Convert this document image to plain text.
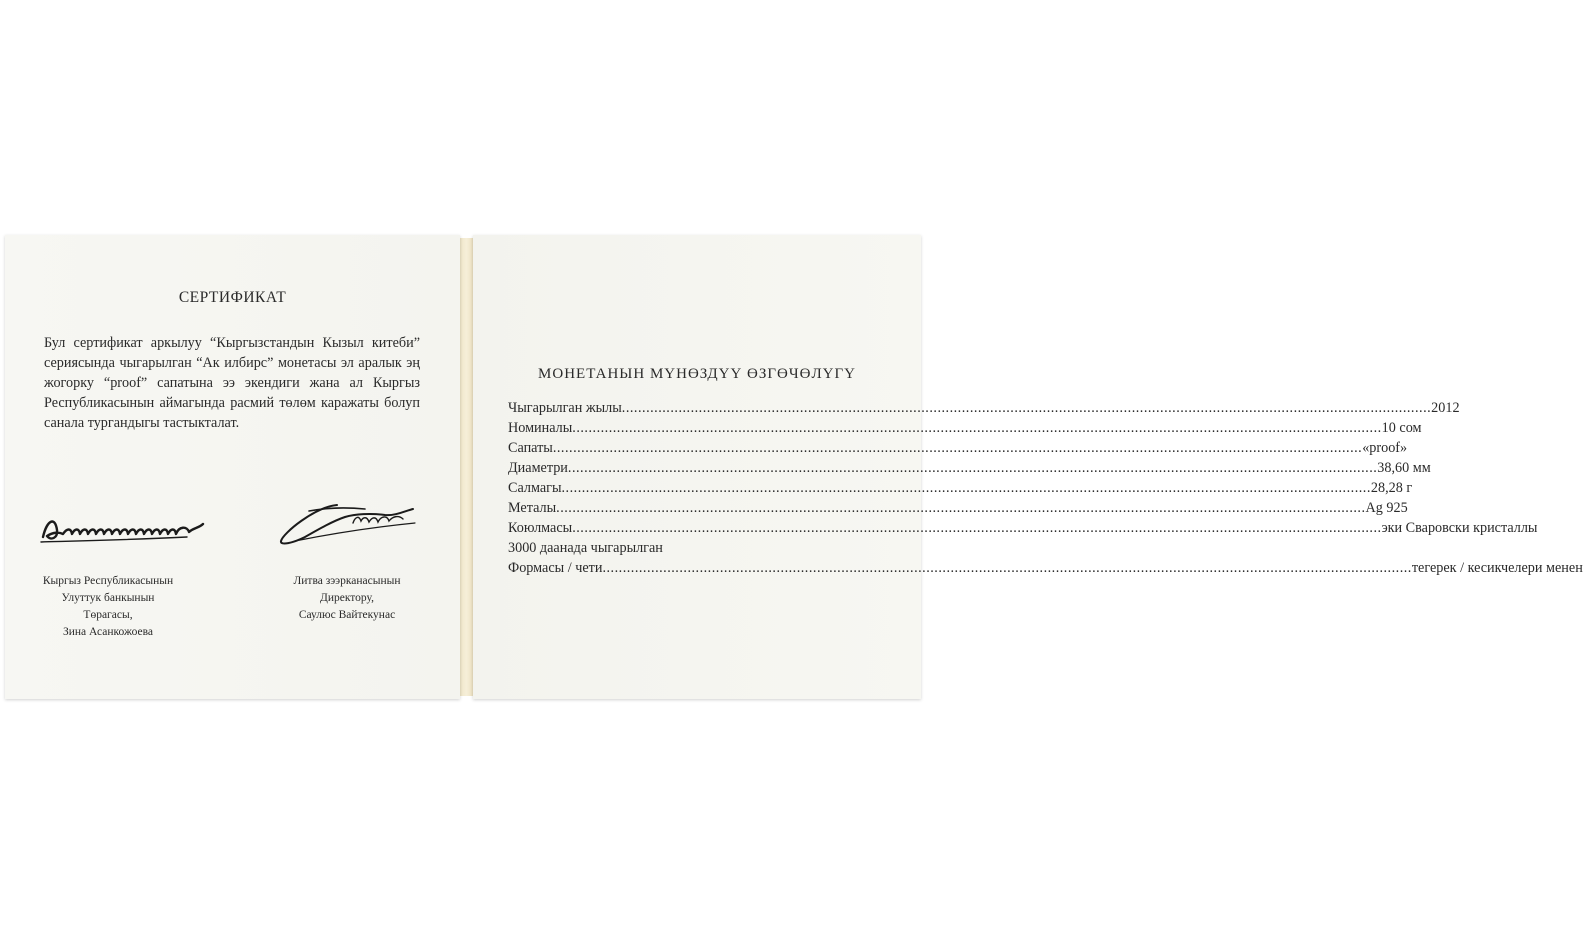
СЕРТИФИКАТ
Бул сертификат аркылуу “Кыргызстандын Кызыл китеби” сериясында чыгарылган “Ак илбирс” монетасы эл аралык эң жогорку “proof” сапатына ээ экендиги жана ал Кыргыз Республикасынын аймагында расмий төлөм каражаты болуп санала тургандыгы тастыкталат.
Кыргыз Республикасынын
Улуттук банкынын
Төрагасы,
Зина Асанкожоева
Литва зээрканасынын
Директору,
Саулюс Вайтекунас
МОНЕТАНЫН МҮНӨЗДҮҮ ӨЗГӨЧӨЛҮГҮ
Чыгарылган жылы ........................................................................................................................................................................................................ 2012
Номиналы ........................................................................................................................................................................................................ 10 сом
Сапаты ........................................................................................................................................................................................................ «proof»
Диаметри ........................................................................................................................................................................................................ 38,60 мм
Салмагы ........................................................................................................................................................................................................ 28,28 г
Металы ........................................................................................................................................................................................................ Ag 925
Коюлмасы ........................................................................................................................................................................................................ эки Сваровски кристаллы
3000 даанада чыгарылган
Формасы / чети ........................................................................................................................................................................................................ тегерек / кесикчелери менен
